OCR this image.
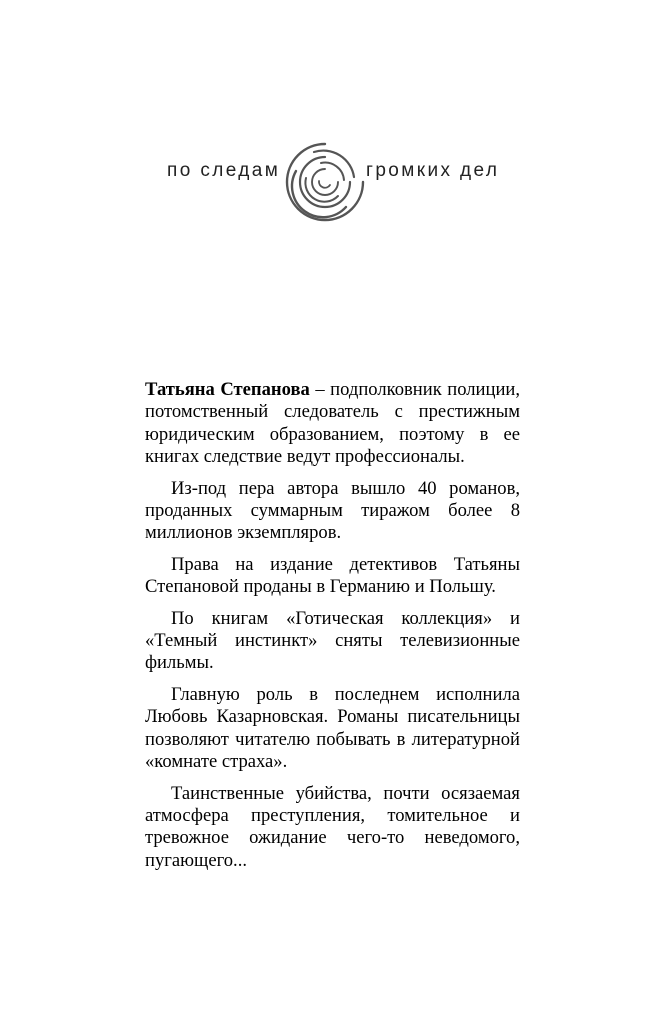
по следам	громких дел

Татьяна Степанова – подполковник полиции, потомственный следователь с престижным юридическим образованием, поэтому в ее книгах следствие ведут профессионалы.

Из-под пера автора вышло 40 романов, проданных суммарным тиражом более 8 миллионов экземпляров.

Права на издание детективов Татьяны Степановой проданы в Германию и Польшу.

По книгам «Готическая коллекция» и «Темный инстинкт» сняты телевизионные фильмы.

Главную роль в последнем исполнила Любовь Казарновская. Романы писательницы позволяют читателю побывать в литературной «комнате страха».

Таинственные убийства, почти осязаемая атмосфера преступления, томительное и тревожное ожидание чего-то неведомого, пугающего...
